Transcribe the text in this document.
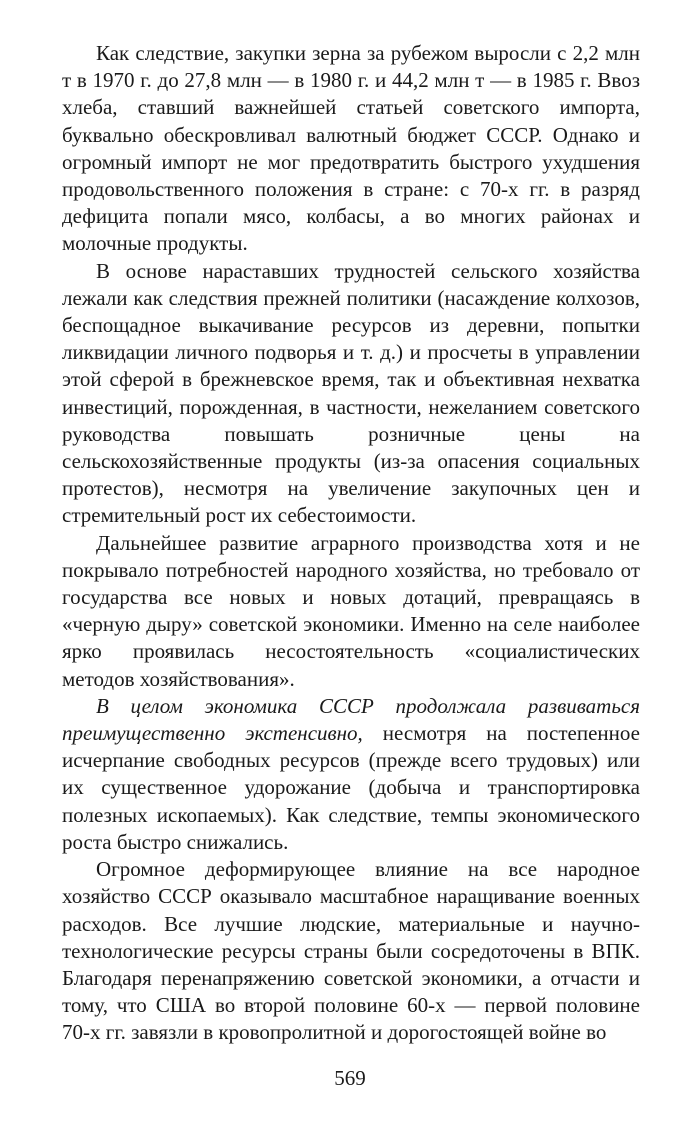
Как следствие, закупки зерна за рубежом выросли с 2,2 млн т в 1970 г. до 27,8 млн — в 1980 г. и 44,2 млн т — в 1985 г. Ввоз хлеба, ставший важнейшей статьей советского импорта, буквально обескровливал валютный бюджет СССР. Однако и огромный импорт не мог предотвратить быстрого ухудшения продовольственного положения в стране: с 70-х гг. в разряд дефицита попали мясо, колбасы, а во многих районах и молочные продукты.

В основе нараставших трудностей сельского хозяйства лежали как следствия прежней политики (насаждение колхозов, беспощадное выкачивание ресурсов из деревни, попытки ликвидации личного подворья и т. д.) и просчеты в управлении этой сферой в брежневское время, так и объективная нехватка инвестиций, порожденная, в частности, нежеланием советского руководства повышать розничные цены на сельскохозяйственные продукты (из-за опасения социальных протестов), несмотря на увеличение закупочных цен и стремительный рост их себестоимости.

Дальнейшее развитие аграрного производства хотя и не покрывало потребностей народного хозяйства, но требовало от государства все новых и новых дотаций, превращаясь в «черную дыру» советской экономики. Именно на селе наиболее ярко проявилась несостоятельность «социалистических методов хозяйствования».

В целом экономика СССР продолжала развиваться преимущественно экстенсивно, несмотря на постепенное исчерпание свободных ресурсов (прежде всего трудовых) или их существенное удорожание (добыча и транспортировка полезных ископаемых). Как следствие, темпы экономического роста быстро снижались.

Огромное деформирующее влияние на все народное хозяйство СССР оказывало масштабное наращивание военных расходов. Все лучшие людские, материальные и научно-технологические ресурсы страны были сосредоточены в ВПК. Благодаря перенапряжению советской экономики, а отчасти и тому, что США во второй половине 60-х — первой половине 70-х гг. завязли в кровопролитной и дорогостоящей войне во

569
